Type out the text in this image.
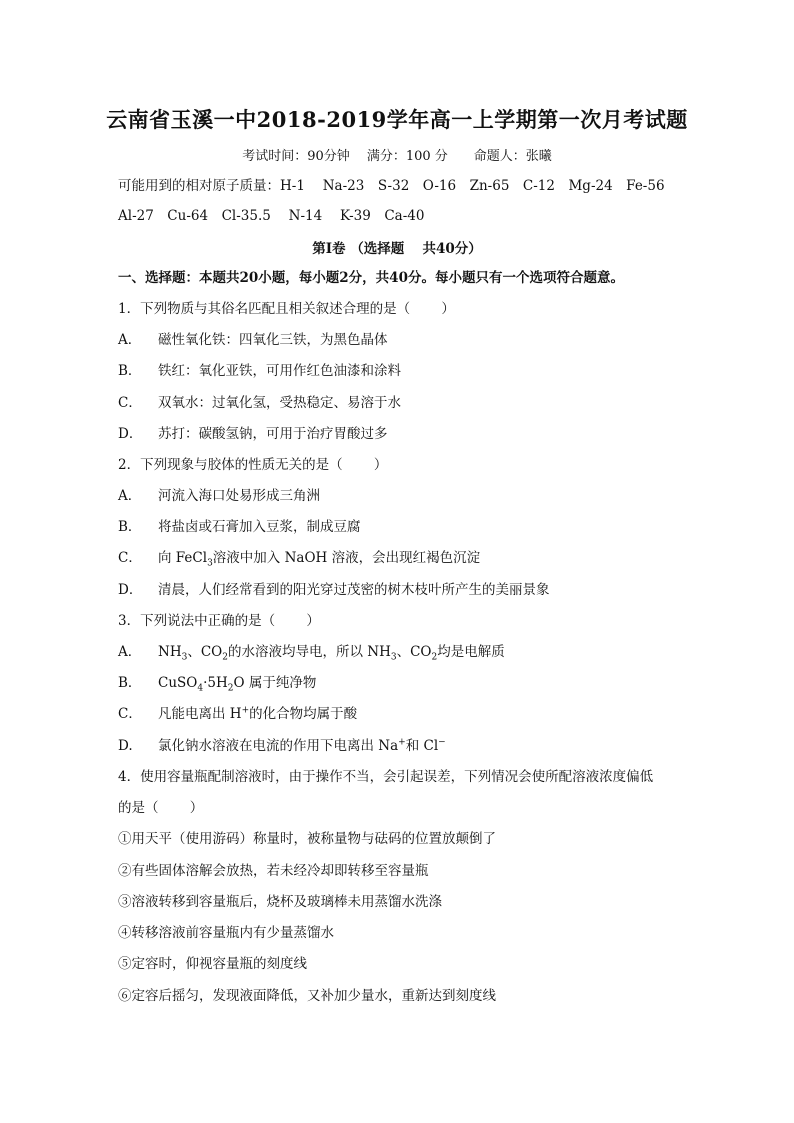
云南省玉溪一中2018-2019学年高一上学期第一次月考试题
考试时间：90分钟　 满分：100 分　　命题人：张曦
可能用到的相对原子质量：H-1　 Na-23　S-32　O-16　Zn-65　C-12　Mg-24　Fe-56
Al-27　Cu-64　Cl-35.5　 N-14　 K-39　Ca-40
第Ⅰ卷 （选择题　 共40分）
一、选择题：本题共20小题，每小题2分，共40分。每小题只有一个选项符合题意。
1．下列物质与其俗名匹配且相关叙述合理的是（　　 ）
A． 磁性氧化铁：四氧化三铁，为黑色晶体
B． 铁红：氧化亚铁，可用作红色油漆和涂料
C． 双氧水：过氧化氢，受热稳定、易溶于水
D． 苏打：碳酸氢钠，可用于治疗胃酸过多
2．下列现象与胶体的性质无关的是（　　 ）
A． 河流入海口处易形成三角洲
B． 将盐卤或石膏加入豆浆，制成豆腐
C． 向 FeCl$_3$溶液中加入 NaOH 溶液，会出现红褐色沉淀
D． 清晨，人们经常看到的阳光穿过茂密的树木枝叶所产生的美丽景象
3．下列说法中正确的是（　　 ）
A． $NH_3$、$CO_2$的水溶液均导电，所以 $NH_3$、$CO_2$均是电解质
B． $CuSO_4\cdot 5H_2O$ 属于纯净物
C． 凡能电离出 H+的化合物均属于酸
D. 氯化钠水溶液在电流的作用下电离出 Na+和 Cl−
4．使用容量瓶配制溶液时，由于操作不当，会引起误差，下列情况会使所配溶液浓度偏低
的是（　　 ）
①用天平（使用游码）称量时，被称量物与砝码的位置放颠倒了
②有些固体溶解会放热，若未经冷却即转移至容量瓶
③溶液转移到容量瓶后，烧杯及玻璃棒未用蒸馏水洗涤
④转移溶液前容量瓶内有少量蒸馏水
⑤定容时，仰视容量瓶的刻度线
⑥定容后摇匀，发现液面降低，又补加少量水，重新达到刻度线
